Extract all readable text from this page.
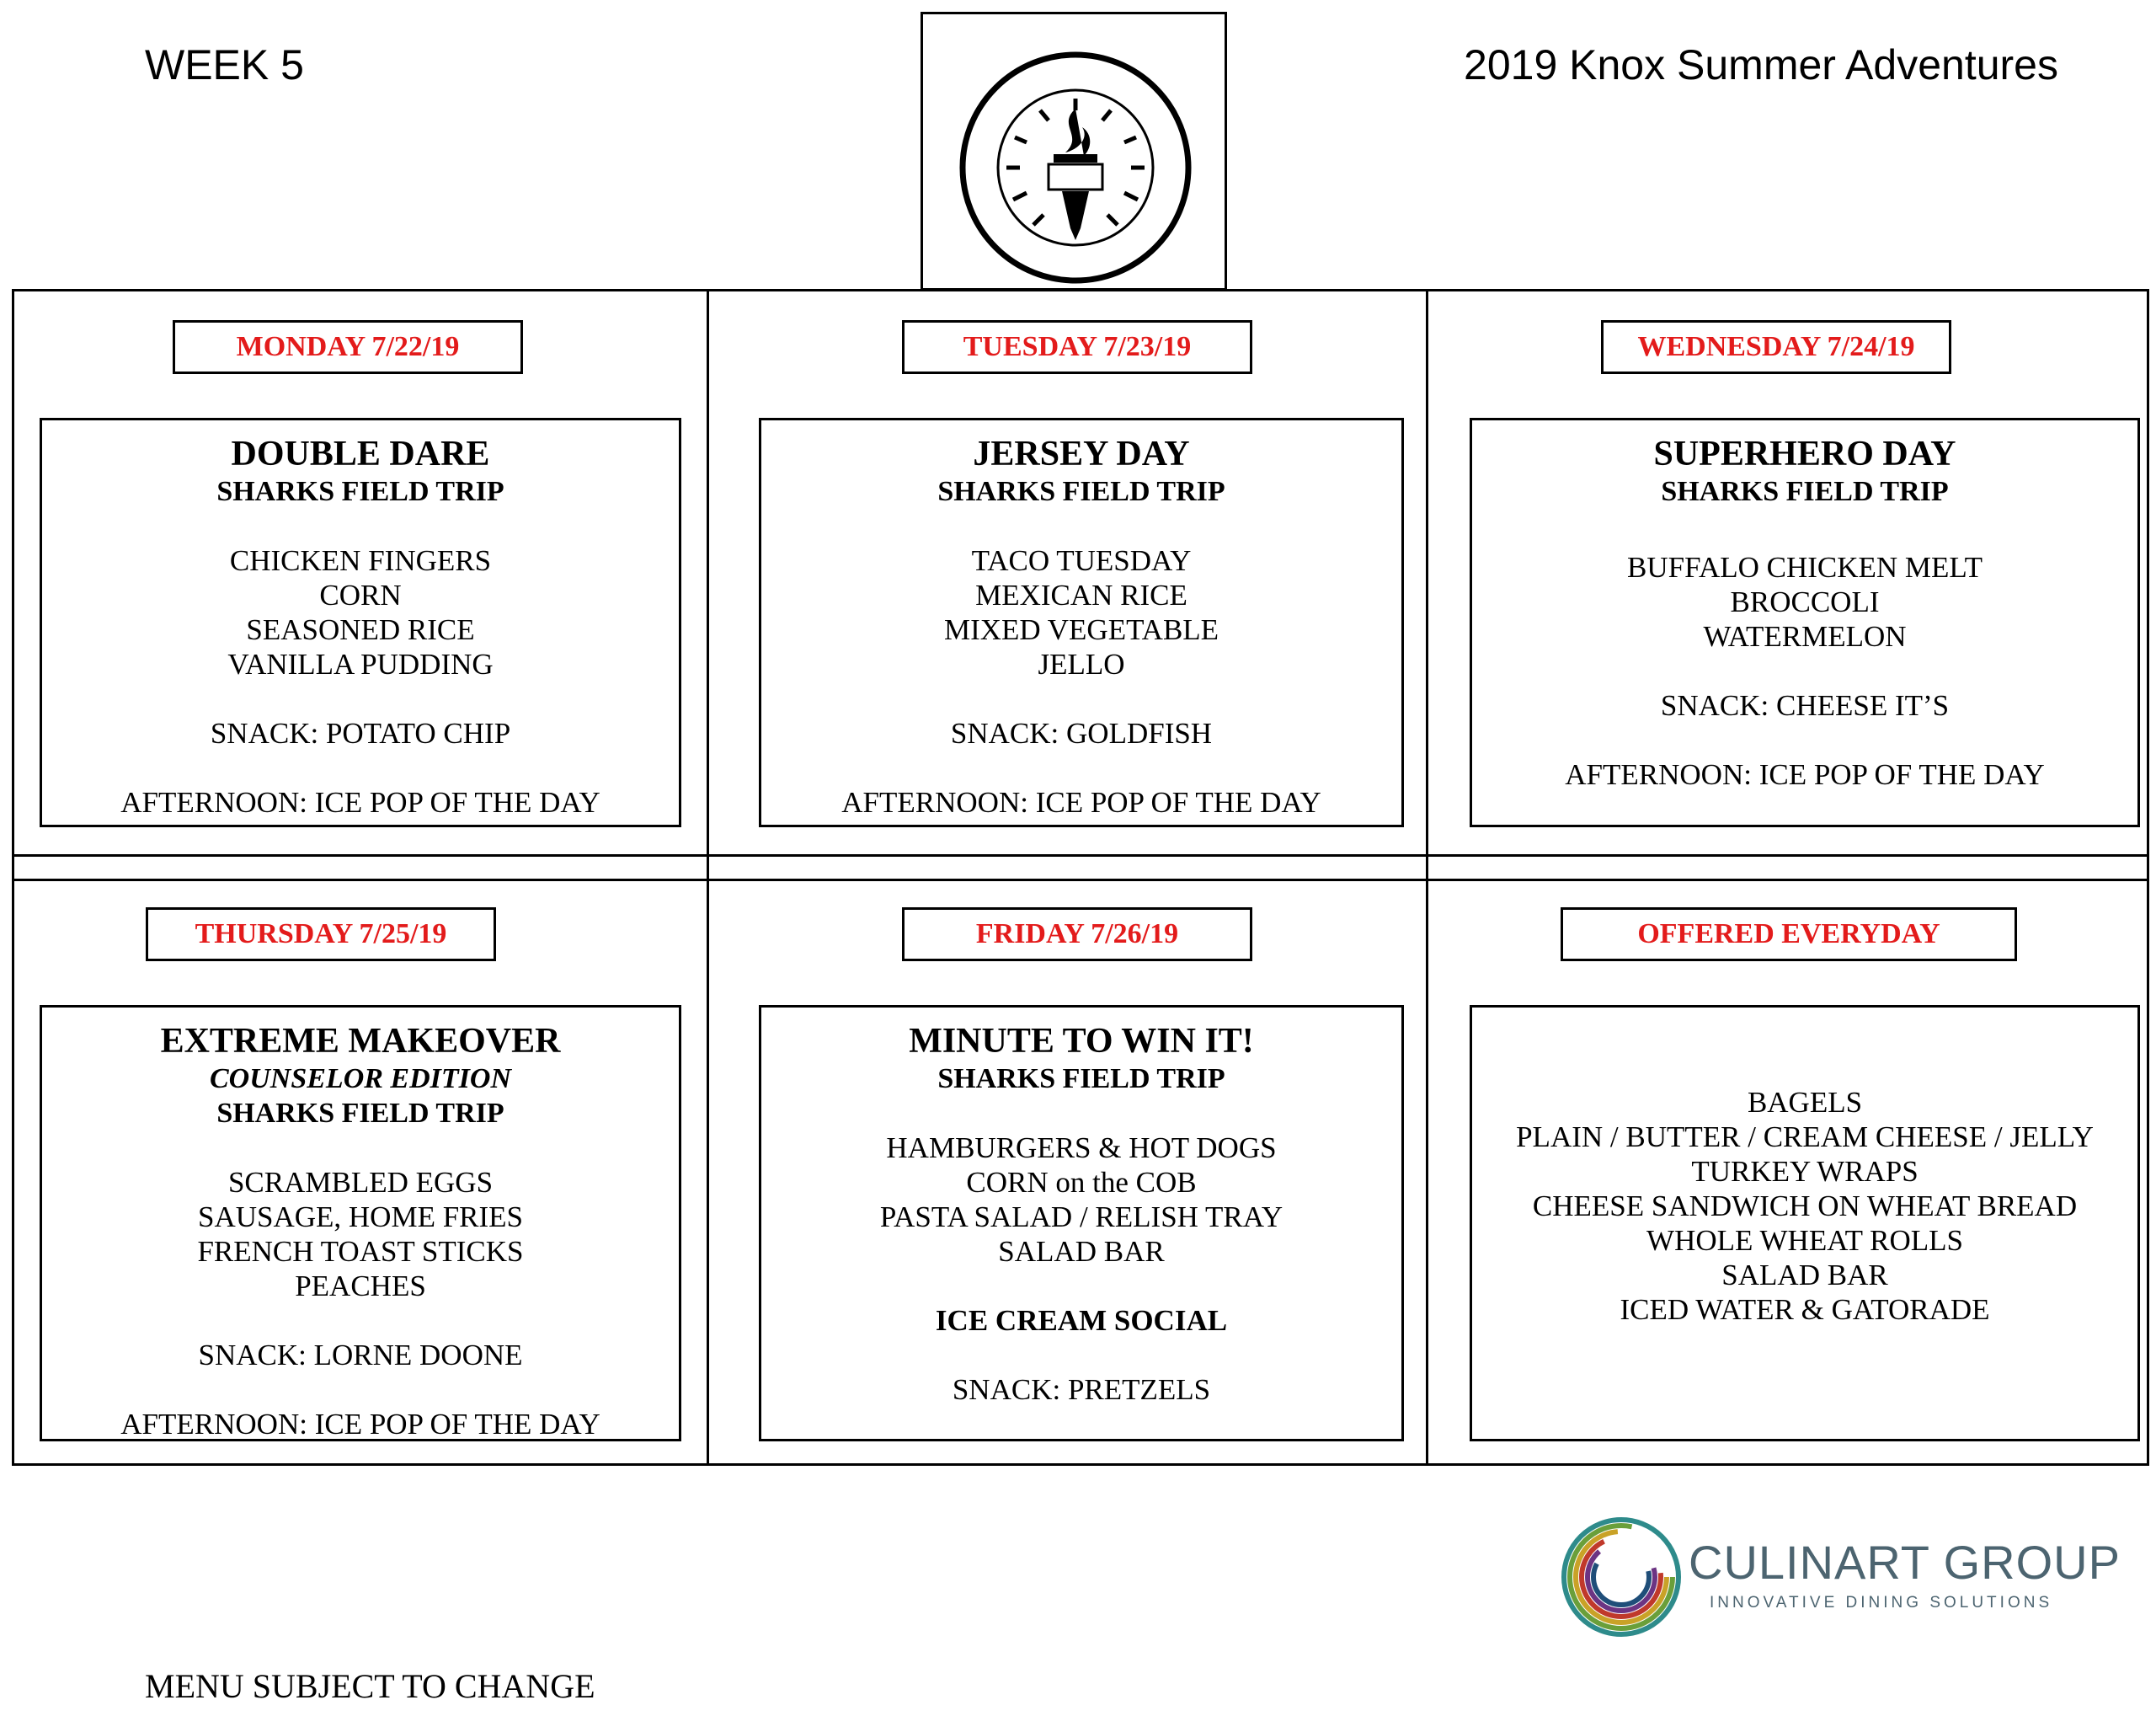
WEEK 5	2019 Knox Summer Adventures
MONDAY 7/22/19
DOUBLE DARE
SHARKS FIELD TRIP
CHICKEN FINGERS
CORN
SEASONED RICE
VANILLA PUDDING
SNACK: POTATO CHIP
AFTERNOON: ICE POP OF THE DAY
TUESDAY 7/23/19
JERSEY DAY
SHARKS FIELD TRIP
TACO TUESDAY
MEXICAN RICE
MIXED VEGETABLE
JELLO
SNACK: GOLDFISH
AFTERNOON: ICE POP OF THE DAY
WEDNESDAY 7/24/19
SUPERHERO DAY
SHARKS FIELD TRIP
BUFFALO CHICKEN MELT
BROCCOLI
WATERMELON
SNACK: CHEESE IT’S
AFTERNOON: ICE POP OF THE DAY
THURSDAY 7/25/19
EXTREME MAKEOVER
COUNSELOR EDITION
SHARKS FIELD TRIP
SCRAMBLED EGGS
SAUSAGE, HOME FRIES
FRENCH TOAST STICKS
PEACHES
SNACK: LORNE DOONE
AFTERNOON: ICE POP OF THE DAY
FRIDAY 7/26/19
MINUTE TO WIN IT!
SHARKS FIELD TRIP
HAMBURGERS & HOT DOGS
CORN on the COB
PASTA SALAD / RELISH TRAY
SALAD BAR
ICE CREAM SOCIAL
SNACK: PRETZELS
OFFERED EVERYDAY
BAGELS
PLAIN / BUTTER / CREAM CHEESE / JELLY
TURKEY WRAPS
CHEESE SANDWICH ON WHEAT BREAD
WHOLE WHEAT ROLLS
SALAD BAR
ICED WATER & GATORADE
CULINART GROUP
INNOVATIVE DINING SOLUTIONS
MENU SUBJECT TO CHANGE
